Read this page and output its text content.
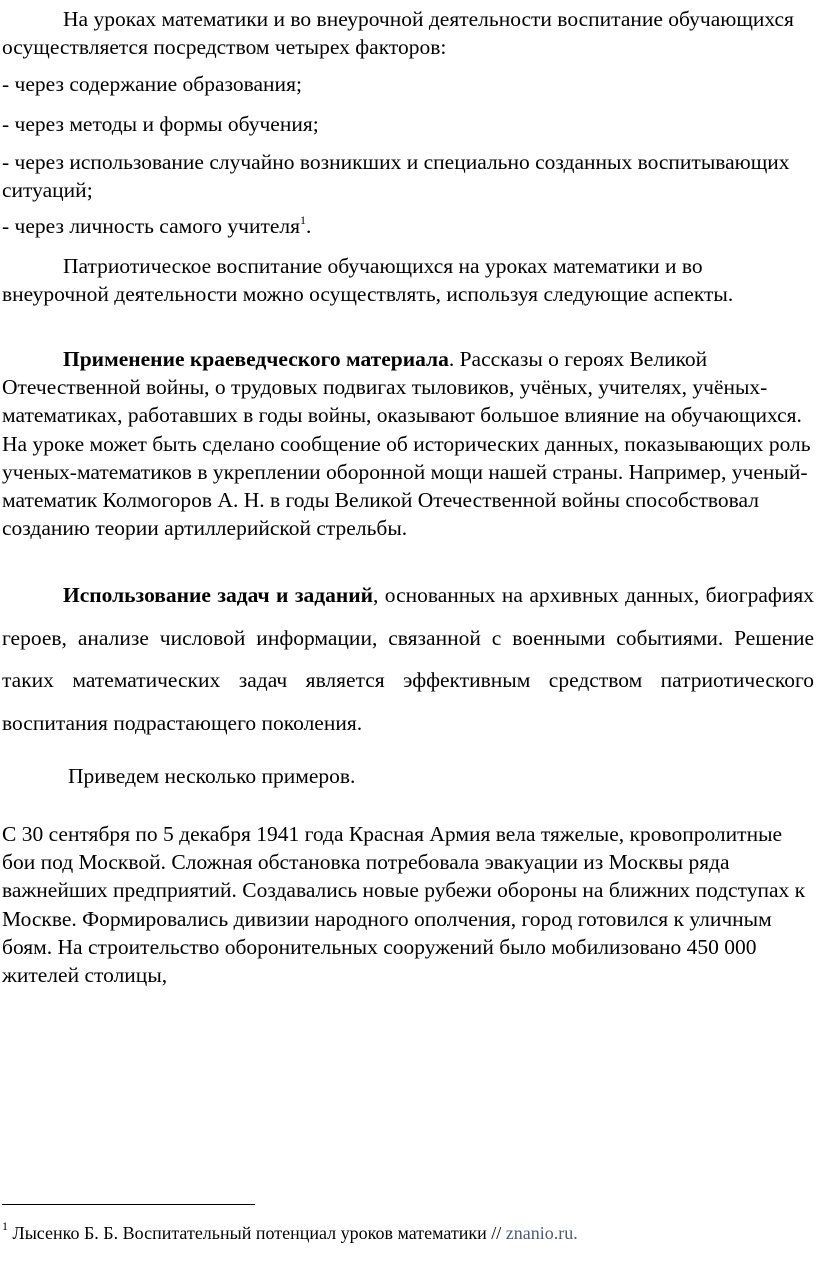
На уроках математики и во внеурочной деятельности воспитание обучающихся осуществляется посредством четырех факторов:

- через содержание образования;

- через методы и формы обучения;

- через использование случайно возникших и специально созданных воспитывающих ситуаций;

- через личность самого учителя$^1$.

Патриотическое воспитание обучающихся на уроках математики и во внеурочной деятельности можно осуществлять, используя следующие аспекты.

Применение краеведческого материала. Рассказы о героях Великой Отечественной войны, о трудовых подвигах тыловиков, учёных, учителях, учёных-математиках, работавших в годы войны, оказывают большое влияние на обучающихся. На уроке может быть сделано сообщение об исторических данных, показывающих роль ученых-математиков в укреплении оборонной мощи нашей страны. Например, ученый-математик Колмогоров А. Н. в годы Великой Отечественной войны способствовал созданию теории артиллерийской стрельбы.

Использование задач и заданий, основанных на архивных данных, биографиях героев, анализе числовой информации, связанной с военными событиями. Решение таких математических задач является эффективным средством патриотического воспитания подрастающего поколения.

Приведем несколько примеров.

С 30 сентября по 5 декабря 1941 года Красная Армия вела тяжелые, кровопролитные бои под Москвой. Сложная обстановка потребовала эвакуации из Москвы ряда важнейших предприятий. Создавались новые рубежи обороны на ближних подступах к Москве. Формировались дивизии народного ополчения, город готовился к уличным боям. На строительство оборонительных сооружений было мобилизовано 450 000 жителей столицы,

$^1$ Лысенко Б. Б. Воспитательный потенциал уроков математики // znanio.ru.
